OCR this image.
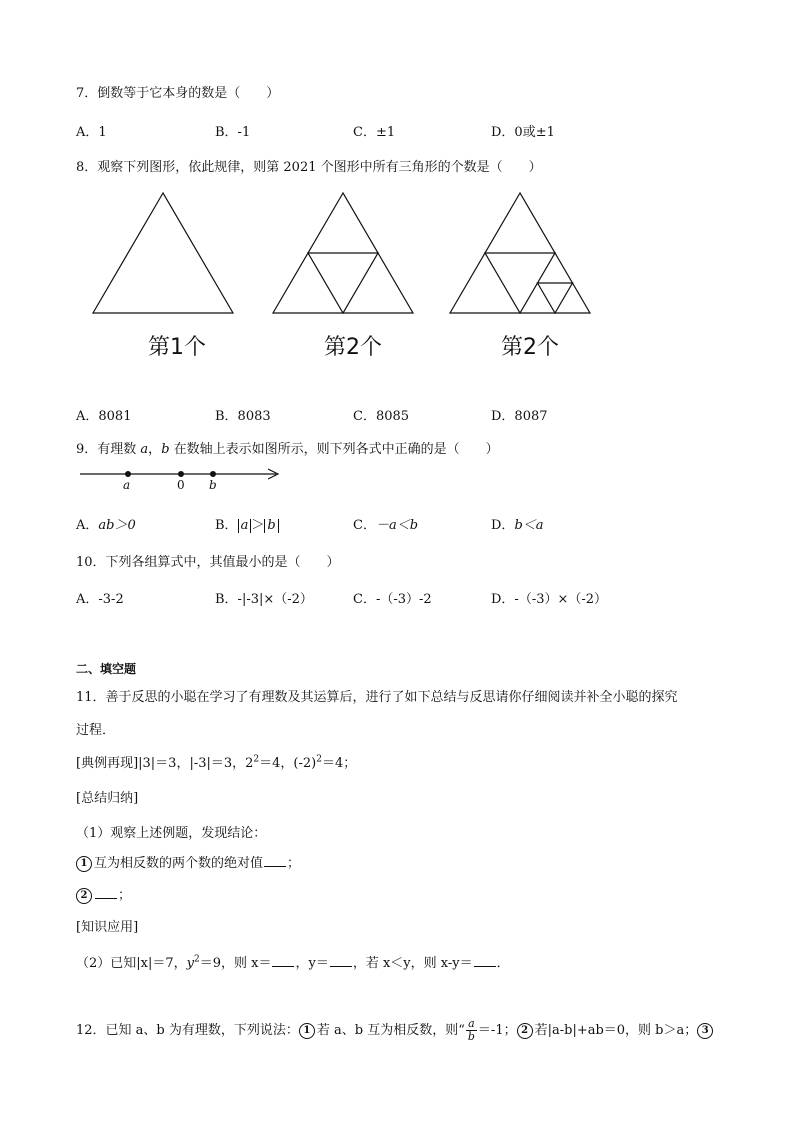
7．倒数等于它本身的数是（　　）
A．1	B．-1	C．±1	D．0或±1
8．观察下列图形，依此规律，则第 2021 个图形中所有三角形的个数是（　　）
第1个	第2个	第2个
A．8081	B．8083	C．8085	D．8087
9．有理数 a，b 在数轴上表示如图所示，则下列各式中正确的是（　　）
a	0 b
A．ab＞0	B． a ＞ b	C．－a＜b	D．b＜a
10．下列各组算式中，其值最小的是（　　）
A．-3-2	B．-|-3|×（-2）	C．-（-3）-2	D．-（-3）×（-2）
二、填空题
11．善于反思的小聪在学习了有理数及其运算后，进行了如下总结与反思请你仔细阅读并补全小聪的探究
过程．
[典例再现]|3|＝3，|-3|＝3，$2^2=4$，$(-2)^2=4$；
[总结归纳]
（1）观察上述例题，发现结论：
1 互为相反数的两个数的绝对值 ；
2 ；
[知识应用]
（2）已知|x|＝7，$y^2=9$，则 x＝ ，y＝ ，若 x＜y，则 x-y＝ ．
12．已知 a、b 为有理数，下列说法： 1 若 a、b 互为相反数，则“ $\frac{a}{b} =-1$； 2 若|a-b|+ab＝0，则 b＞a； 3
